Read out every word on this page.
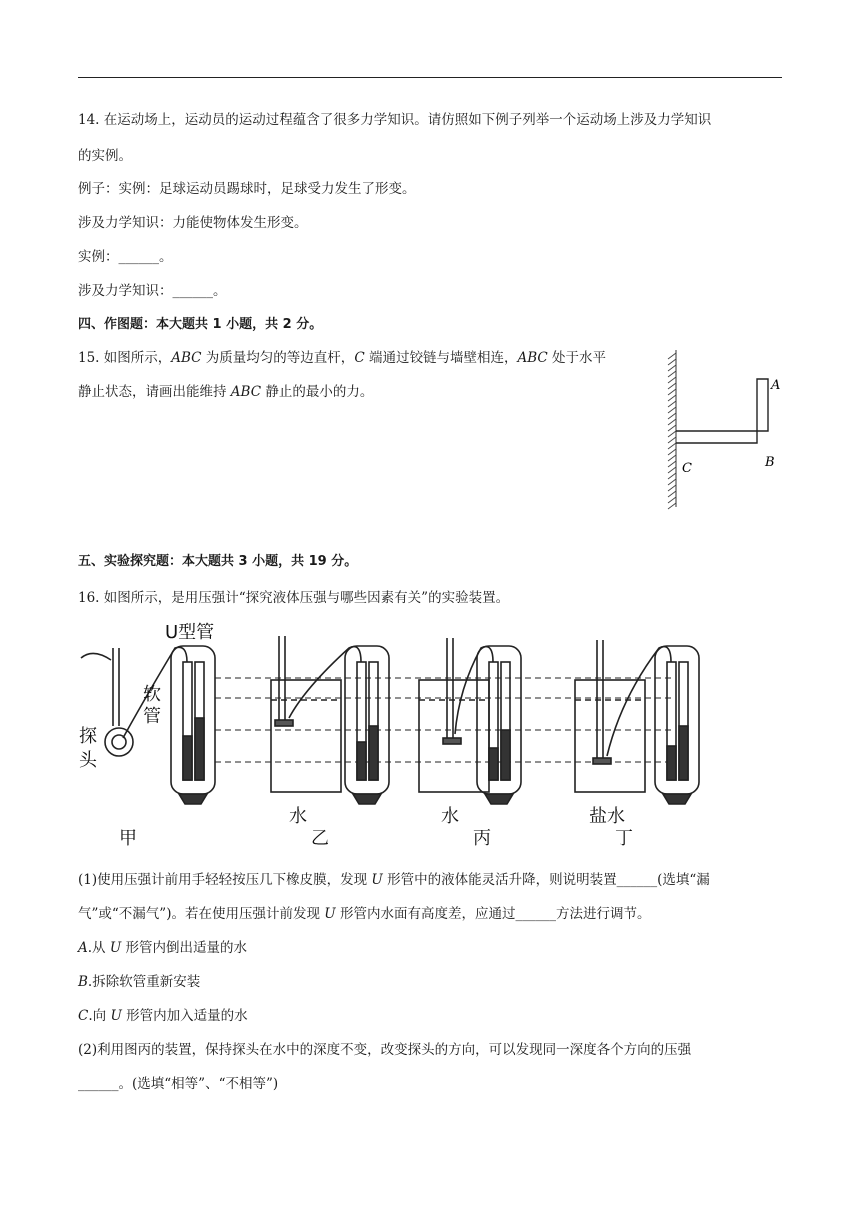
14. 在运动场上，运动员的运动过程蕴含了很多力学知识。请仿照如下例子列举一个运动场上涉及力学知识
的实例。
例子：实例：足球运动员踢球时，足球受力发生了形变。
涉及力学知识：力能使物体发生形变。
实例：______。
涉及力学知识：______。
四、作图题：本大题共 1 小题，共 2 分。
15. 如图所示，ABC 为质量均匀的等边直杆，C 端通过铰链与墙壁相连，ABC 处于水平
静止状态，请画出能维持 ABC 静止的最小的力。	A
B
C
五、实验探究题：本大题共 3 小题，共 19 分。
16. 如图所示，是用压强计“探究液体压强与哪些因素有关”的实验装置。
U型管
软
管
探
头
甲
水
乙
水
丙
盐水
丁
(1)使用压强计前用手轻轻按压几下橡皮膜，发现 U 形管中的液体能灵活升降，则说明装置______(选填“漏
气”或“不漏气”)。若在使用压强计前发现 U 形管内水面有高度差，应通过______方法进行调节。
A.从 U 形管内倒出适量的水
B.拆除软管重新安装
C.向 U 形管内加入适量的水
(2)利用图丙的装置，保持探头在水中的深度不变，改变探头的方向，可以发现同一深度各个方向的压强
______。(选填“相等”、“不相等”)
